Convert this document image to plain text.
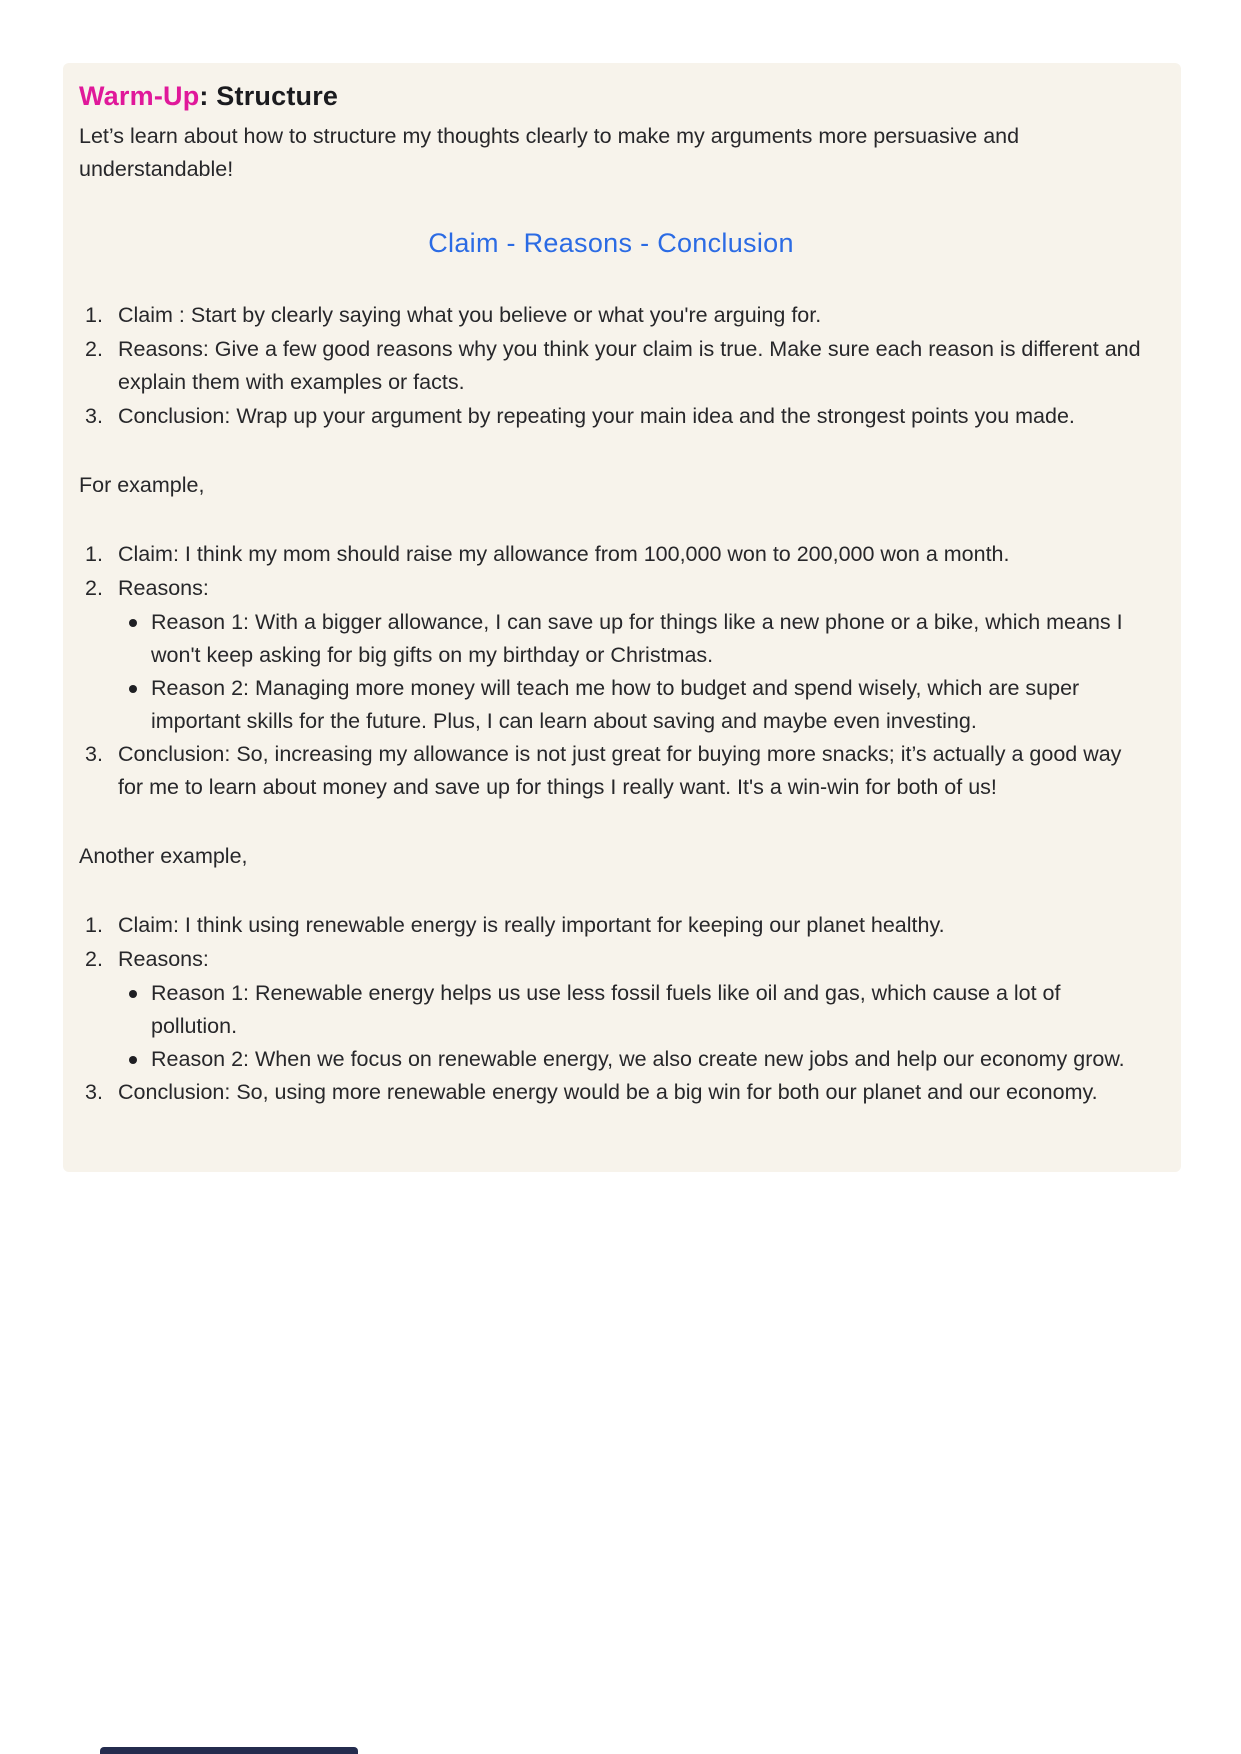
Warm-Up: Structure

Let’s learn about how to structure my thoughts clearly to make my arguments more persuasive and understandable!

Claim - Reasons - Conclusion
1. Claim : Start by clearly saying what you believe or what you're arguing for.
2. Reasons: Give a few good reasons why you think your claim is true. Make sure each reason is different and explain them with examples or facts.
3. Conclusion: Wrap up your argument by repeating your main idea and the strongest points you made.

For example,

1. Claim: I think my mom should raise my allowance from 100,000 won to 200,000 won a month.
2. Reasons:
Reason 1: With a bigger allowance, I can save up for things like a new phone or a bike, which means I won't keep asking for big gifts on my birthday or Christmas.
Reason 2: Managing more money will teach me how to budget and spend wisely, which are super important skills for the future. Plus, I can learn about saving and maybe even investing.
3. Conclusion: So, increasing my allowance is not just great for buying more snacks; it’s actually a good way for me to learn about money and save up for things I really want. It's a win-win for both of us!

Another example,

1. Claim: I think using renewable energy is really important for keeping our planet healthy.
2. Reasons:
Reason 1: Renewable energy helps us use less fossil fuels like oil and gas, which cause a lot of pollution.
Reason 2: When we focus on renewable energy, we also create new jobs and help our economy grow.
3. Conclusion: So, using more renewable energy would be a big win for both our planet and our economy.
